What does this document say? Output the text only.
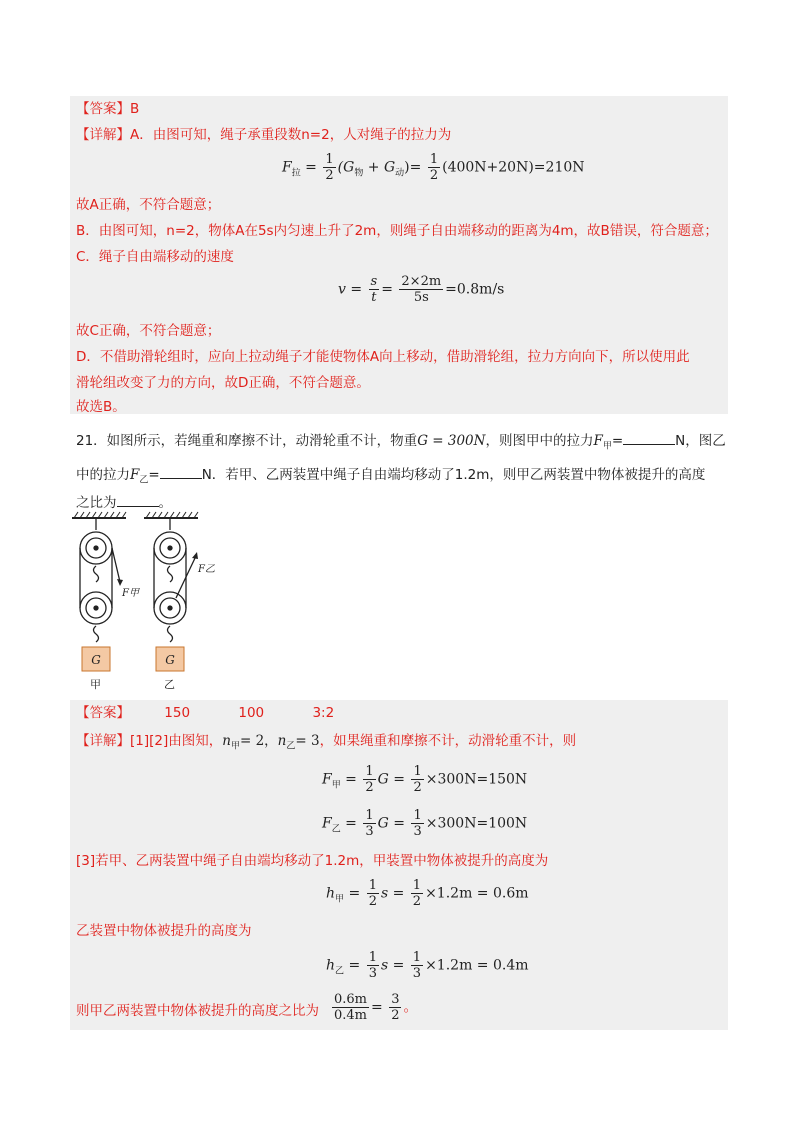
【答案】B
【详解】A．由图可知，绳子承重段数n=2，人对绳子的拉力为
$F_拉 = \frac{1}{2} (G_物 + G_动)= \frac{1}{2} (400N+20N)=210N$
故A正确，不符合题意；
B．由图可知，n=2，物体A在5s内匀速上升了2m，则绳子自由端移动的距离为4m，故B错误，符合题意；
C．绳子自由端移动的速度
$v = \frac{s}{t} = \frac{2\times 2m}{5s} =0.8m/s$
故C正确，不符合题意；
D．不借助滑轮组时，应向上拉动绳子才能使物体A向上移动，借助滑轮组，拉力方向向下，所以使用此
滑轮组改变了力的方向，故D正确，不符合题意。
故选B。
21．如图所示，若绳重和摩擦不计，动滑轮重不计，物重G = 300N，则图甲中的拉力$F_甲=$	N，图乙
中的拉力$F_乙=$	N．若甲、乙两装置中绳子自由端均移动了1.2m，则甲乙两装置中物体被提升的高度
之比为	。
G
F甲
甲
G
F乙
乙
【答案】	150	100	3:2
【详解】[1][2]由图知，$n_甲= 2$，$n_乙= 3$，如果绳重和摩擦不计，动滑轮重不计，则
$F_甲 = \frac{1}{2}$ $G = \frac{1}{2} \times 300N=150N$
$F_乙 = \frac{1}{3}$ $G = \frac{1}{3} \times 300N=100N$
[3]若甲、乙两装置中绳子自由端均移动了1.2m，甲装置中物体被提升的高度为
$h_甲 = \frac{1}{2}$ $s = \frac{1}{2} \times 1.2m = 0.6m$
乙装置中物体被提升的高度为
$h_乙 = \frac{1}{3}$ $s = \frac{1}{3} \times 1.2m = 0.4m$
则甲乙两装置中物体被提升的高度之比为 $\frac{0.6m}{0.4m} = \frac{3}{2}$ 。
